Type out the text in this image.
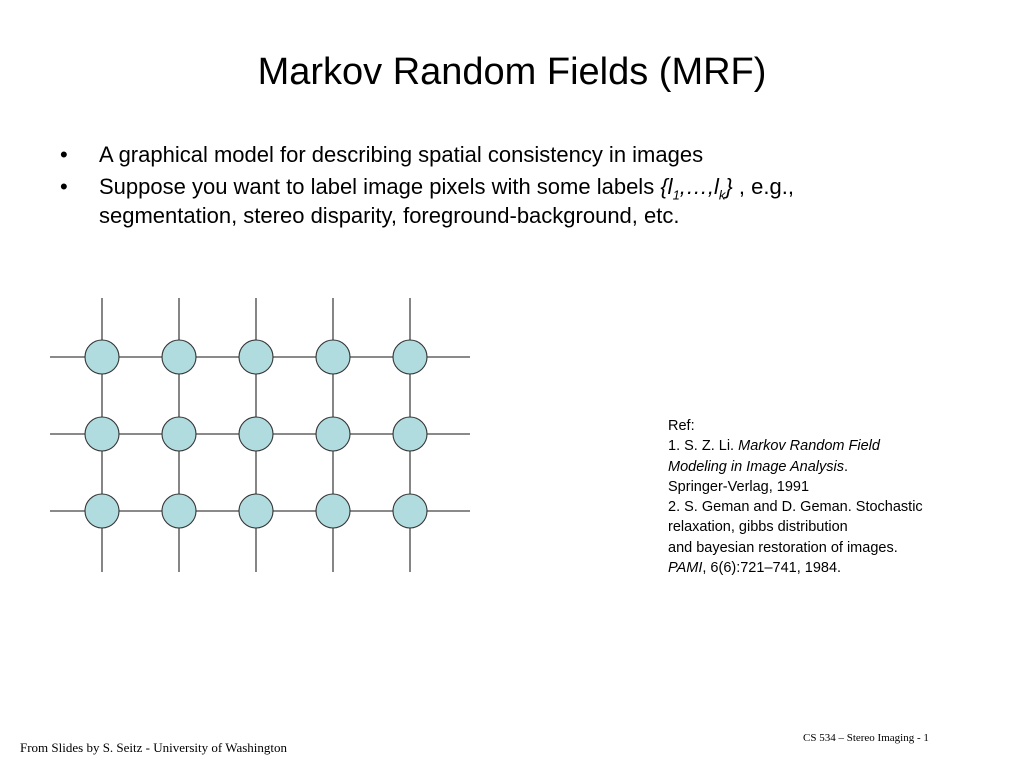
Markov Random Fields (MRF)
• A graphical model for describing spatial consistency in images
• Suppose you want to label image pixels with some labels $\{l_1,\dots,l_k\}$ , e.g.,
segmentation, stereo disparity, foreground-background, etc.
Ref:
1. S. Z. Li. Markov Random Field
Modeling in Image Analysis.
Springer-Verlag, 1991
2. S. Geman and D. Geman. Stochastic
relaxation, gibbs distribution
and bayesian restoration of images.
PAMI, 6(6):721–741, 1984.
From Slides by S. Seitz - University of Washington
CS 534 – Stereo Imaging - 1
